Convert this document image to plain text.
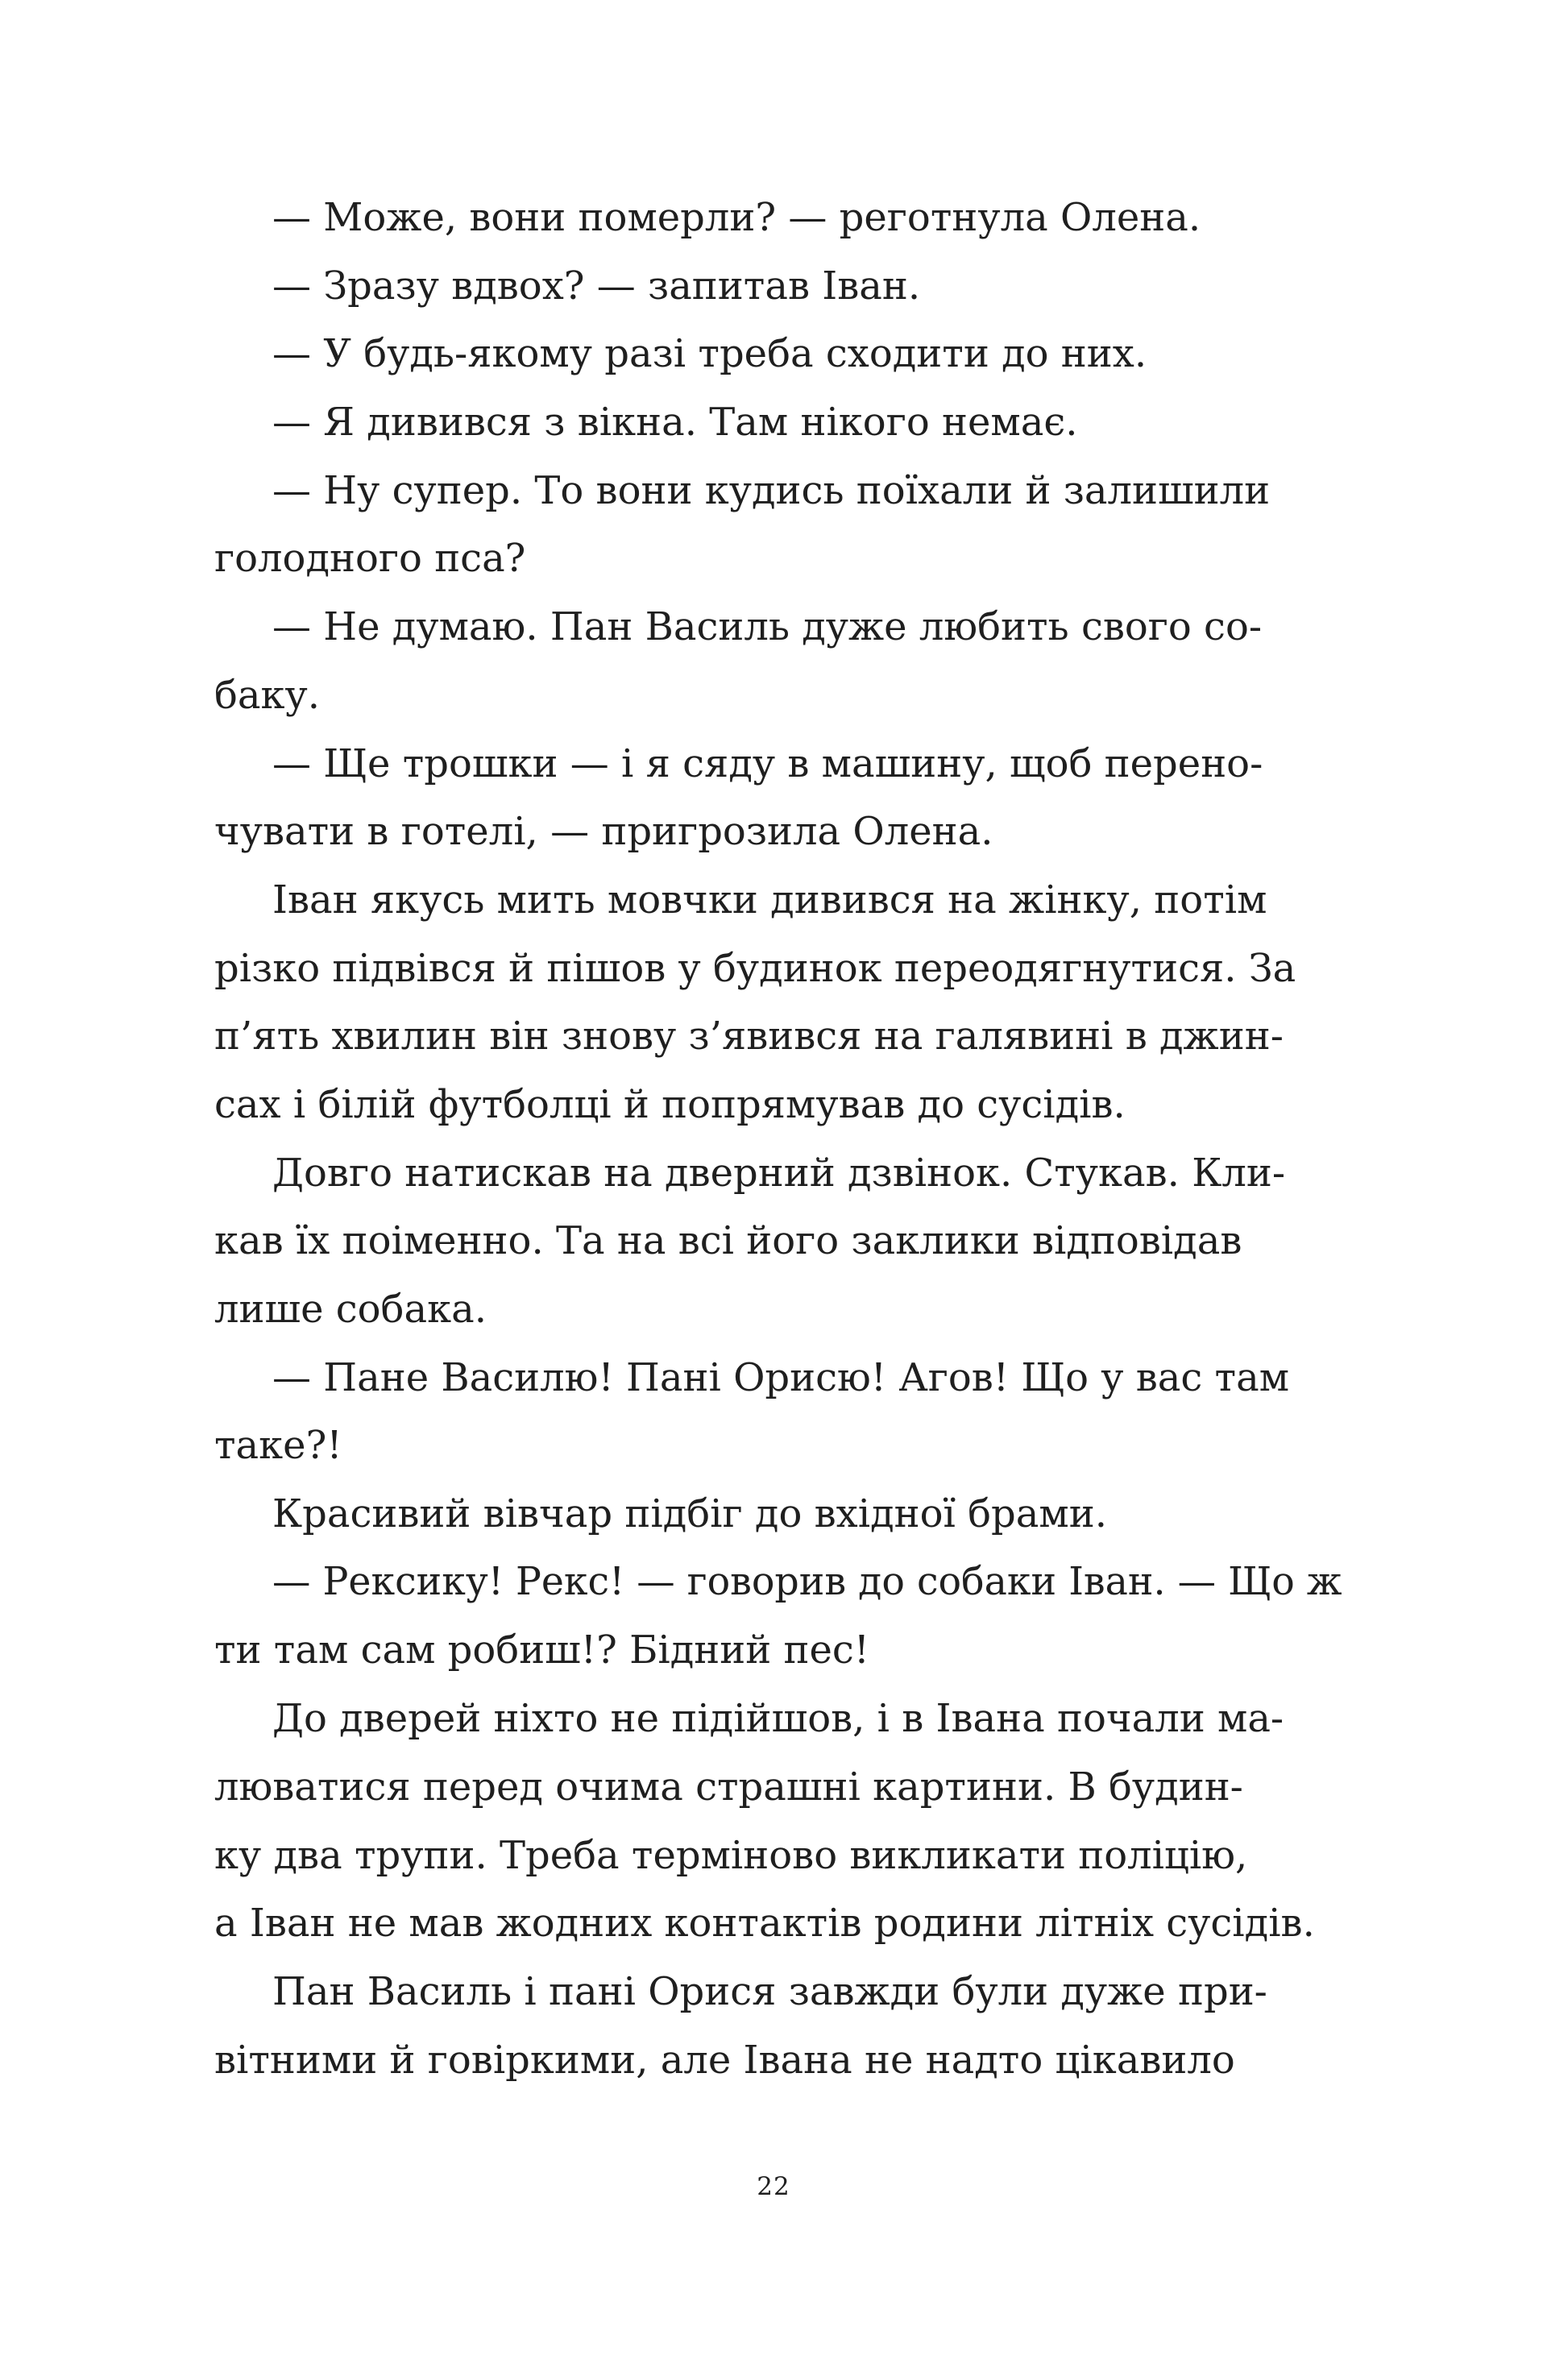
— Може, вони померли? — реготнула Олена.
— Зразу вдвох? — запитав Іван.
— У будь-якому разі треба сходити до них.
— Я дивився з вікна. Там нікого немає.
— Ну супер. То вони кудись поїхали й залишили
голодного пса?
— Не думаю. Пан Василь дуже любить свого со-
баку.
— Ще трошки — і я сяду в машину, щоб перено-
чувати в готелі, — пригрозила Олена.
Іван якусь мить мовчки дивився на жінку, потім
різко підвівся й пішов у будинок переодягнутися. За
п’ять хвилин він знову з’явився на галявині в джин-
сах і білій футболці й попрямував до сусідів.
Довго натискав на дверний дзвінок. Стукав. Кли-
кав їх поіменно. Та на всі його заклики відповідав
лише собака.
— Пане Василю! Пані Орисю! Агов! Що у вас там
таке?!
Красивий вівчар підбіг до вхідної брами.
— Рексику! Рекс! — говорив до собаки Іван. — Що ж
ти там сам робиш!? Бідний пес!
До дверей ніхто не підійшов, і в Івана почали ма-
люватися перед очима страшні картини. В будин-
ку два трупи. Треба терміново викликати поліцію,
а Іван не мав жодних контактів родини літніх сусідів.
Пан Василь і пані Орися завжди були дуже при-
вітними й говіркими, але Івана не надто цікавило
22
